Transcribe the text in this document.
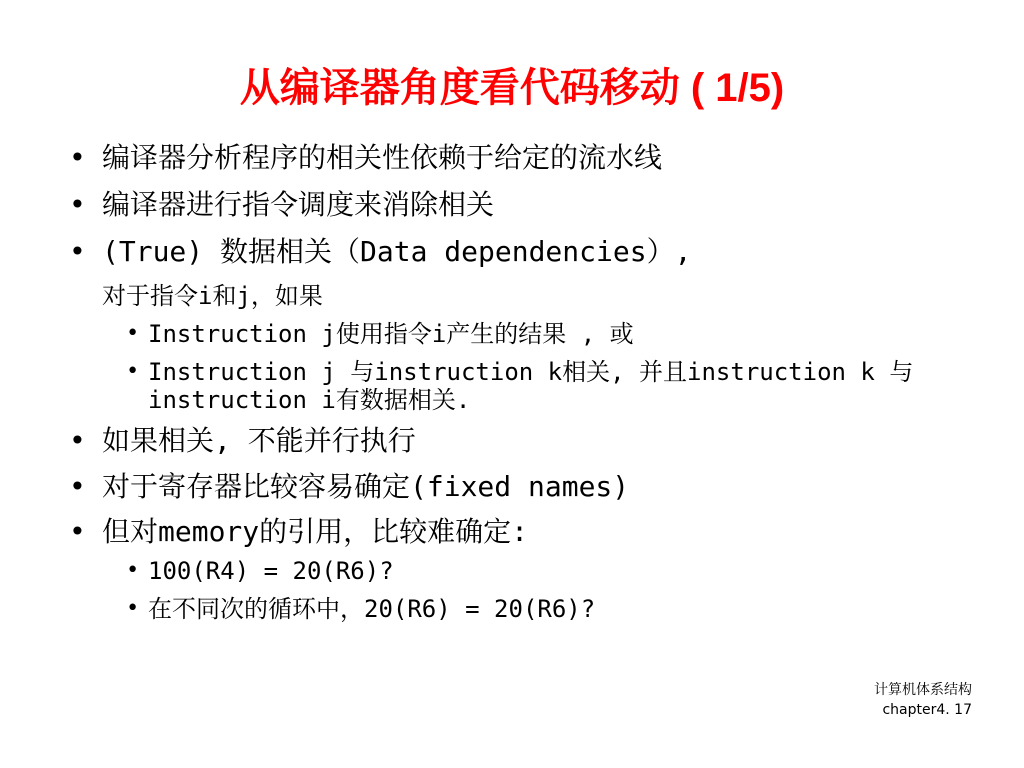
从编译器角度看代码移动 ( 1/5)
• 编译器分析程序的相关性依赖于给定的流水线
• 编译器进行指令调度来消除相关
• (True) 数据相关（Data dependencies）,
对于指令i和j，如果
• Instruction j使用指令i产生的结果 , 或
• Instruction j 与instruction k相关, 并且instruction k 与
instruction i有数据相关.
• 如果相关, 不能并行执行
• 对于寄存器比较容易确定(fixed names)
• 但对memory的引用，比较难确定:
• 100(R4) = 20(R6)?
• 在不同次的循环中，20(R6) = 20(R6)?
计算机体系结构
chapter4. 17
